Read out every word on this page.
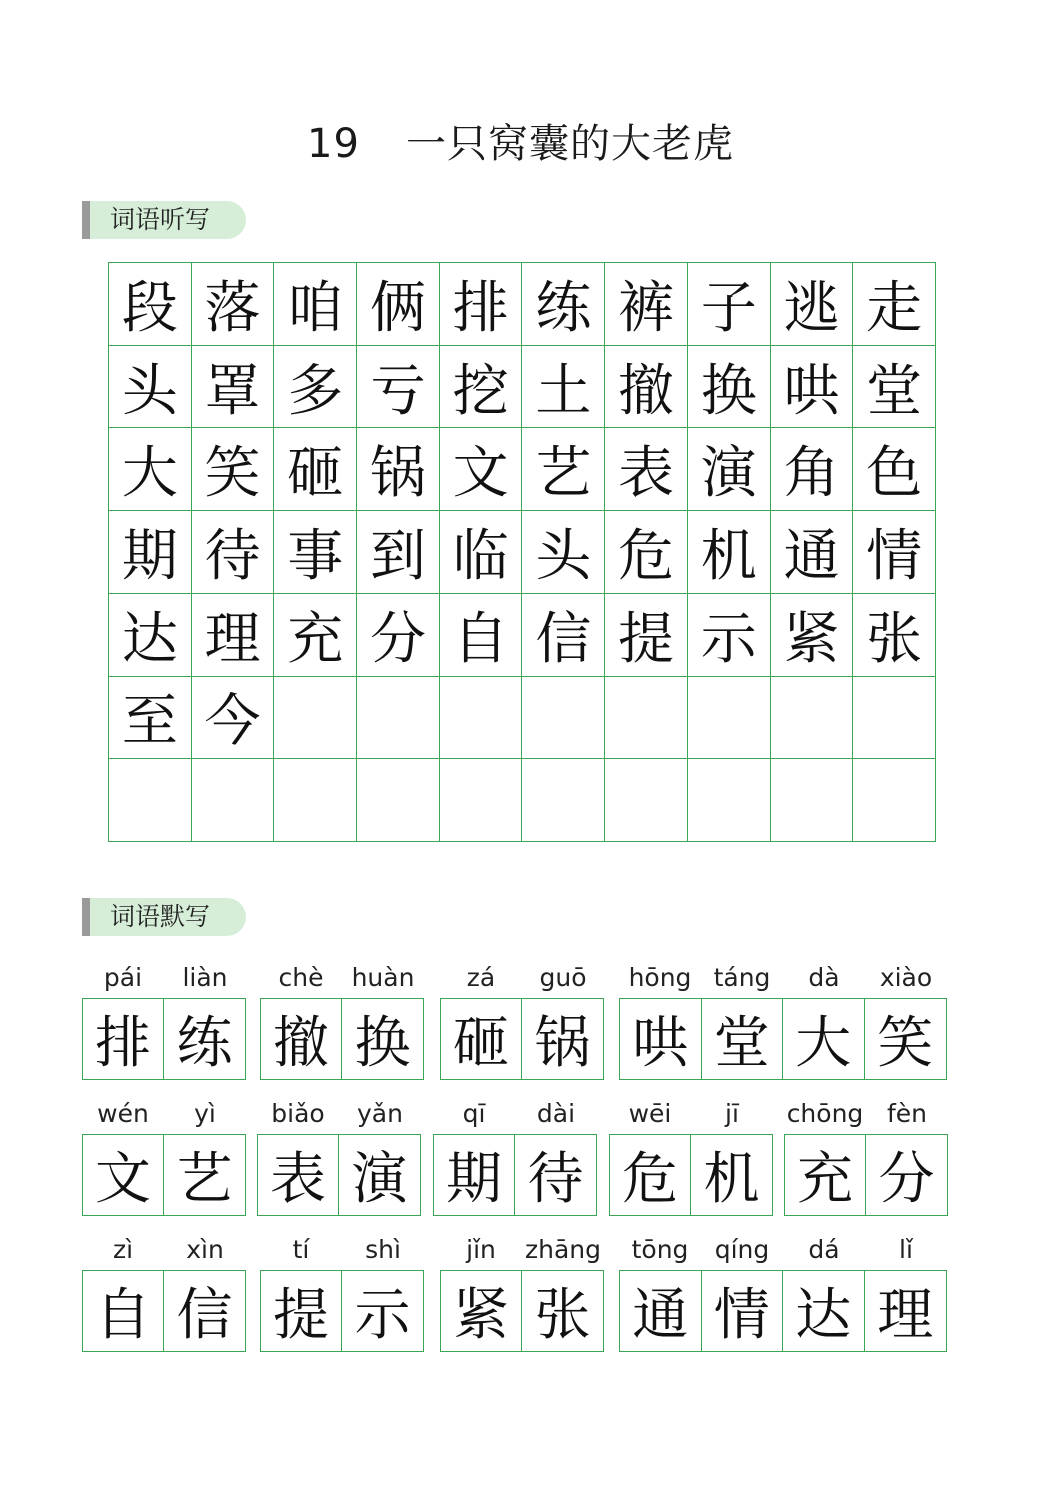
19 一只窝囊的大老虎
词语听写
段 落 咱 俩 排 练 裤 子 逃 走
头 罩 多 亏 挖 土 撤 换 哄 堂
大 笑 砸 锅 文 艺 表 演 角 色
期 待 事 到 临 头 危 机 通 情
达 理 充 分 自 信 提 示 紧 张
至 今
词语默写
pái	liàn
排 练
chè	huàn
撤 换
zá	guō
砸 锅
hōng táng	dà	xiào
哄 堂 大 笑
wén	yì
文 艺
biǎo	yǎn
表 演
qī	dài
期 待
wēi	jī
危 机
chōng fèn
充 分
zì	xìn
自 信
tí	shì
提 示
jǐn	zhāng
紧 张
tōng	qíng	dá	lǐ
通 情 达 理
